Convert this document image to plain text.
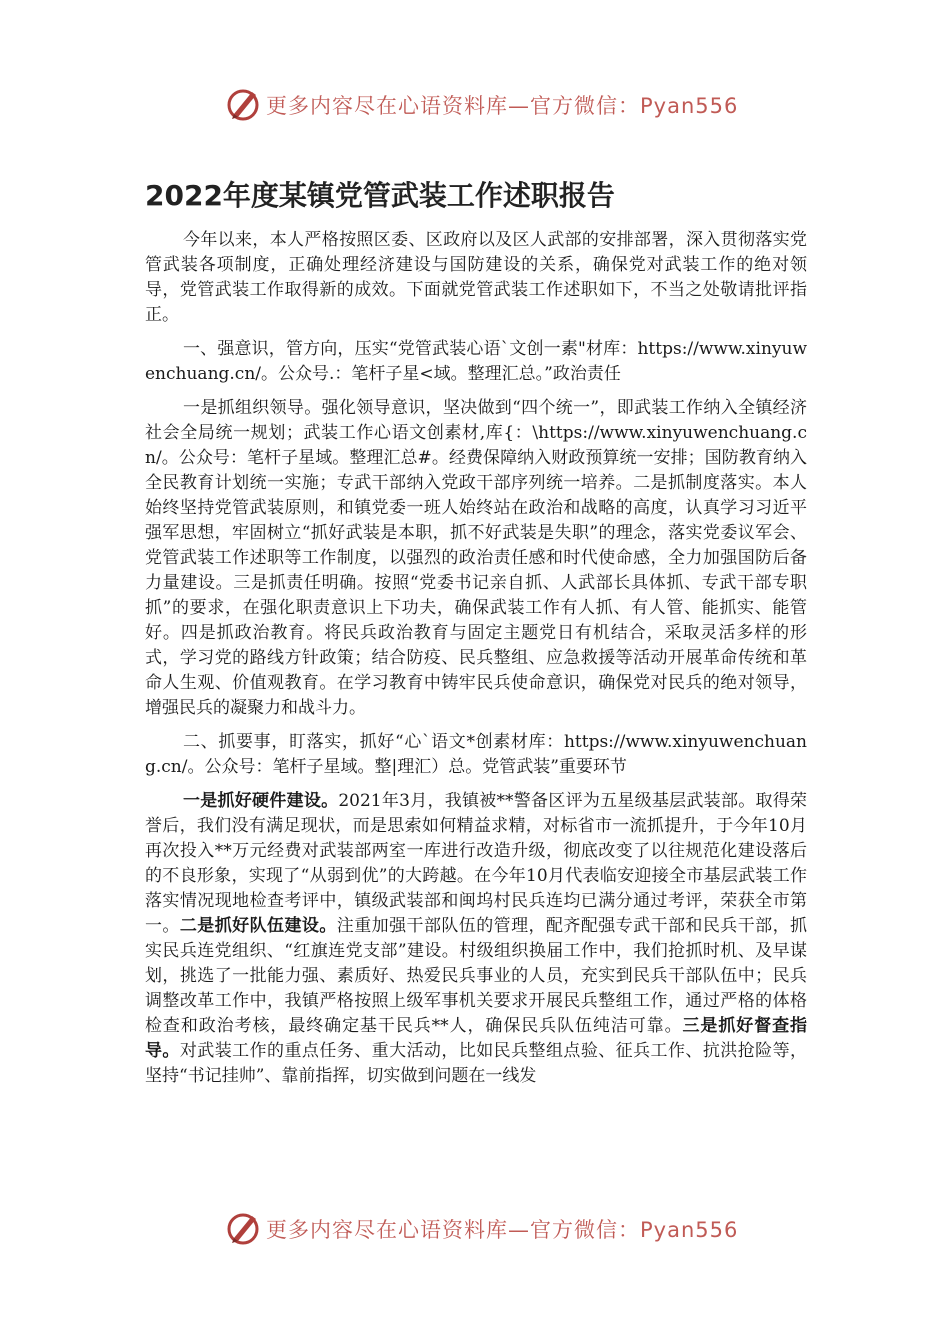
更多内容尽在心语资料库—官方微信：Pyan556
2022年度某镇党管武装工作述职报告

今年以来，本人严格按照区委、区政府以及区人武部的安排部署，深入贯彻落实党管武装各项制度，正确处理经济建设与国防建设的关系，确保党对武装工作的绝对领导，党管武装工作取得新的成效。下面就党管武装工作述职如下，不当之处敬请批评指正。

一、强意识，管方向，压实“党管武装心语`文创一素"材库：https://www.xinyuwenchuang.cn/。公众号.：笔杆子星<域。整理汇总。”政治责任

一是抓组织领导。强化领导意识，坚决做到“四个统一”，即武装工作纳入全镇经济社会全局统一规划；武装工作心语文创素材,库{：\https://www.xinyuwenchuang.cn/。公众号：笔杆子星域。整理汇总#。经费保障纳入财政预算统一安排；国防教育纳入全民教育计划统一实施；专武干部纳入党政干部序列统一培养。二是抓制度落实。本人始终坚持党管武装原则，和镇党委一班人始终站在政治和战略的高度，认真学习习近平强军思想，牢固树立“抓好武装是本职，抓不好武装是失职”的理念，落实党委议军会、党管武装工作述职等工作制度，以强烈的政治责任感和时代使命感，全力加强国防后备力量建设。三是抓责任明确。按照“党委书记亲自抓、人武部长具体抓、专武干部专职抓”的要求，在强化职责意识上下功夫，确保武装工作有人抓、有人管、能抓实、能管好。四是抓政治教育。将民兵政治教育与固定主题党日有机结合，采取灵活多样的形式，学习党的路线方针政策；结合防疫、民兵整组、应急救援等活动开展革命传统和革命人生观、价值观教育。在学习教育中铸牢民兵使命意识，确保党对民兵的绝对领导，增强民兵的凝聚力和战斗力。

二、抓要事，盯落实，抓好“心`语文*创素材库：https://www.xinyuwenchuang.cn/。公众号：笔杆子星域。整|理汇）总。党管武装”重要环节

一是抓好硬件建设。2021年3月，我镇被**警备区评为五星级基层武装部。取得荣誉后，我们没有满足现状，而是思索如何精益求精，对标省市一流抓提升，于今年10月再次投入**万元经费对武装部两室一库进行改造升级，彻底改变了以往规范化建设落后的不良形象，实现了“从弱到优”的大跨越。在今年10月代表临安迎接全市基层武装工作落实情况现地检查考评中，镇级武装部和闽坞村民兵连均已满分通过考评，荣获全市第一。二是抓好队伍建设。注重加强干部队伍的管理，配齐配强专武干部和民兵干部，抓实民兵连党组织、“红旗连党支部”建设。村级组织换届工作中，我们抢抓时机、及早谋划，挑选了一批能力强、素质好、热爱民兵事业的人员，充实到民兵干部队伍中；民兵调整改革工作中，我镇严格按照上级军事机关要求开展民兵整组工作，通过严格的体格检查和政治考核，最终确定基干民兵**人，确保民兵队伍纯洁可靠。三是抓好督查指导。对武装工作的重点任务、重大活动，比如民兵整组点验、征兵工作、抗洪抢险等，坚持“书记挂帅”、靠前指挥，切实做到问题在一线发

更多内容尽在心语资料库—官方微信：Pyan556
